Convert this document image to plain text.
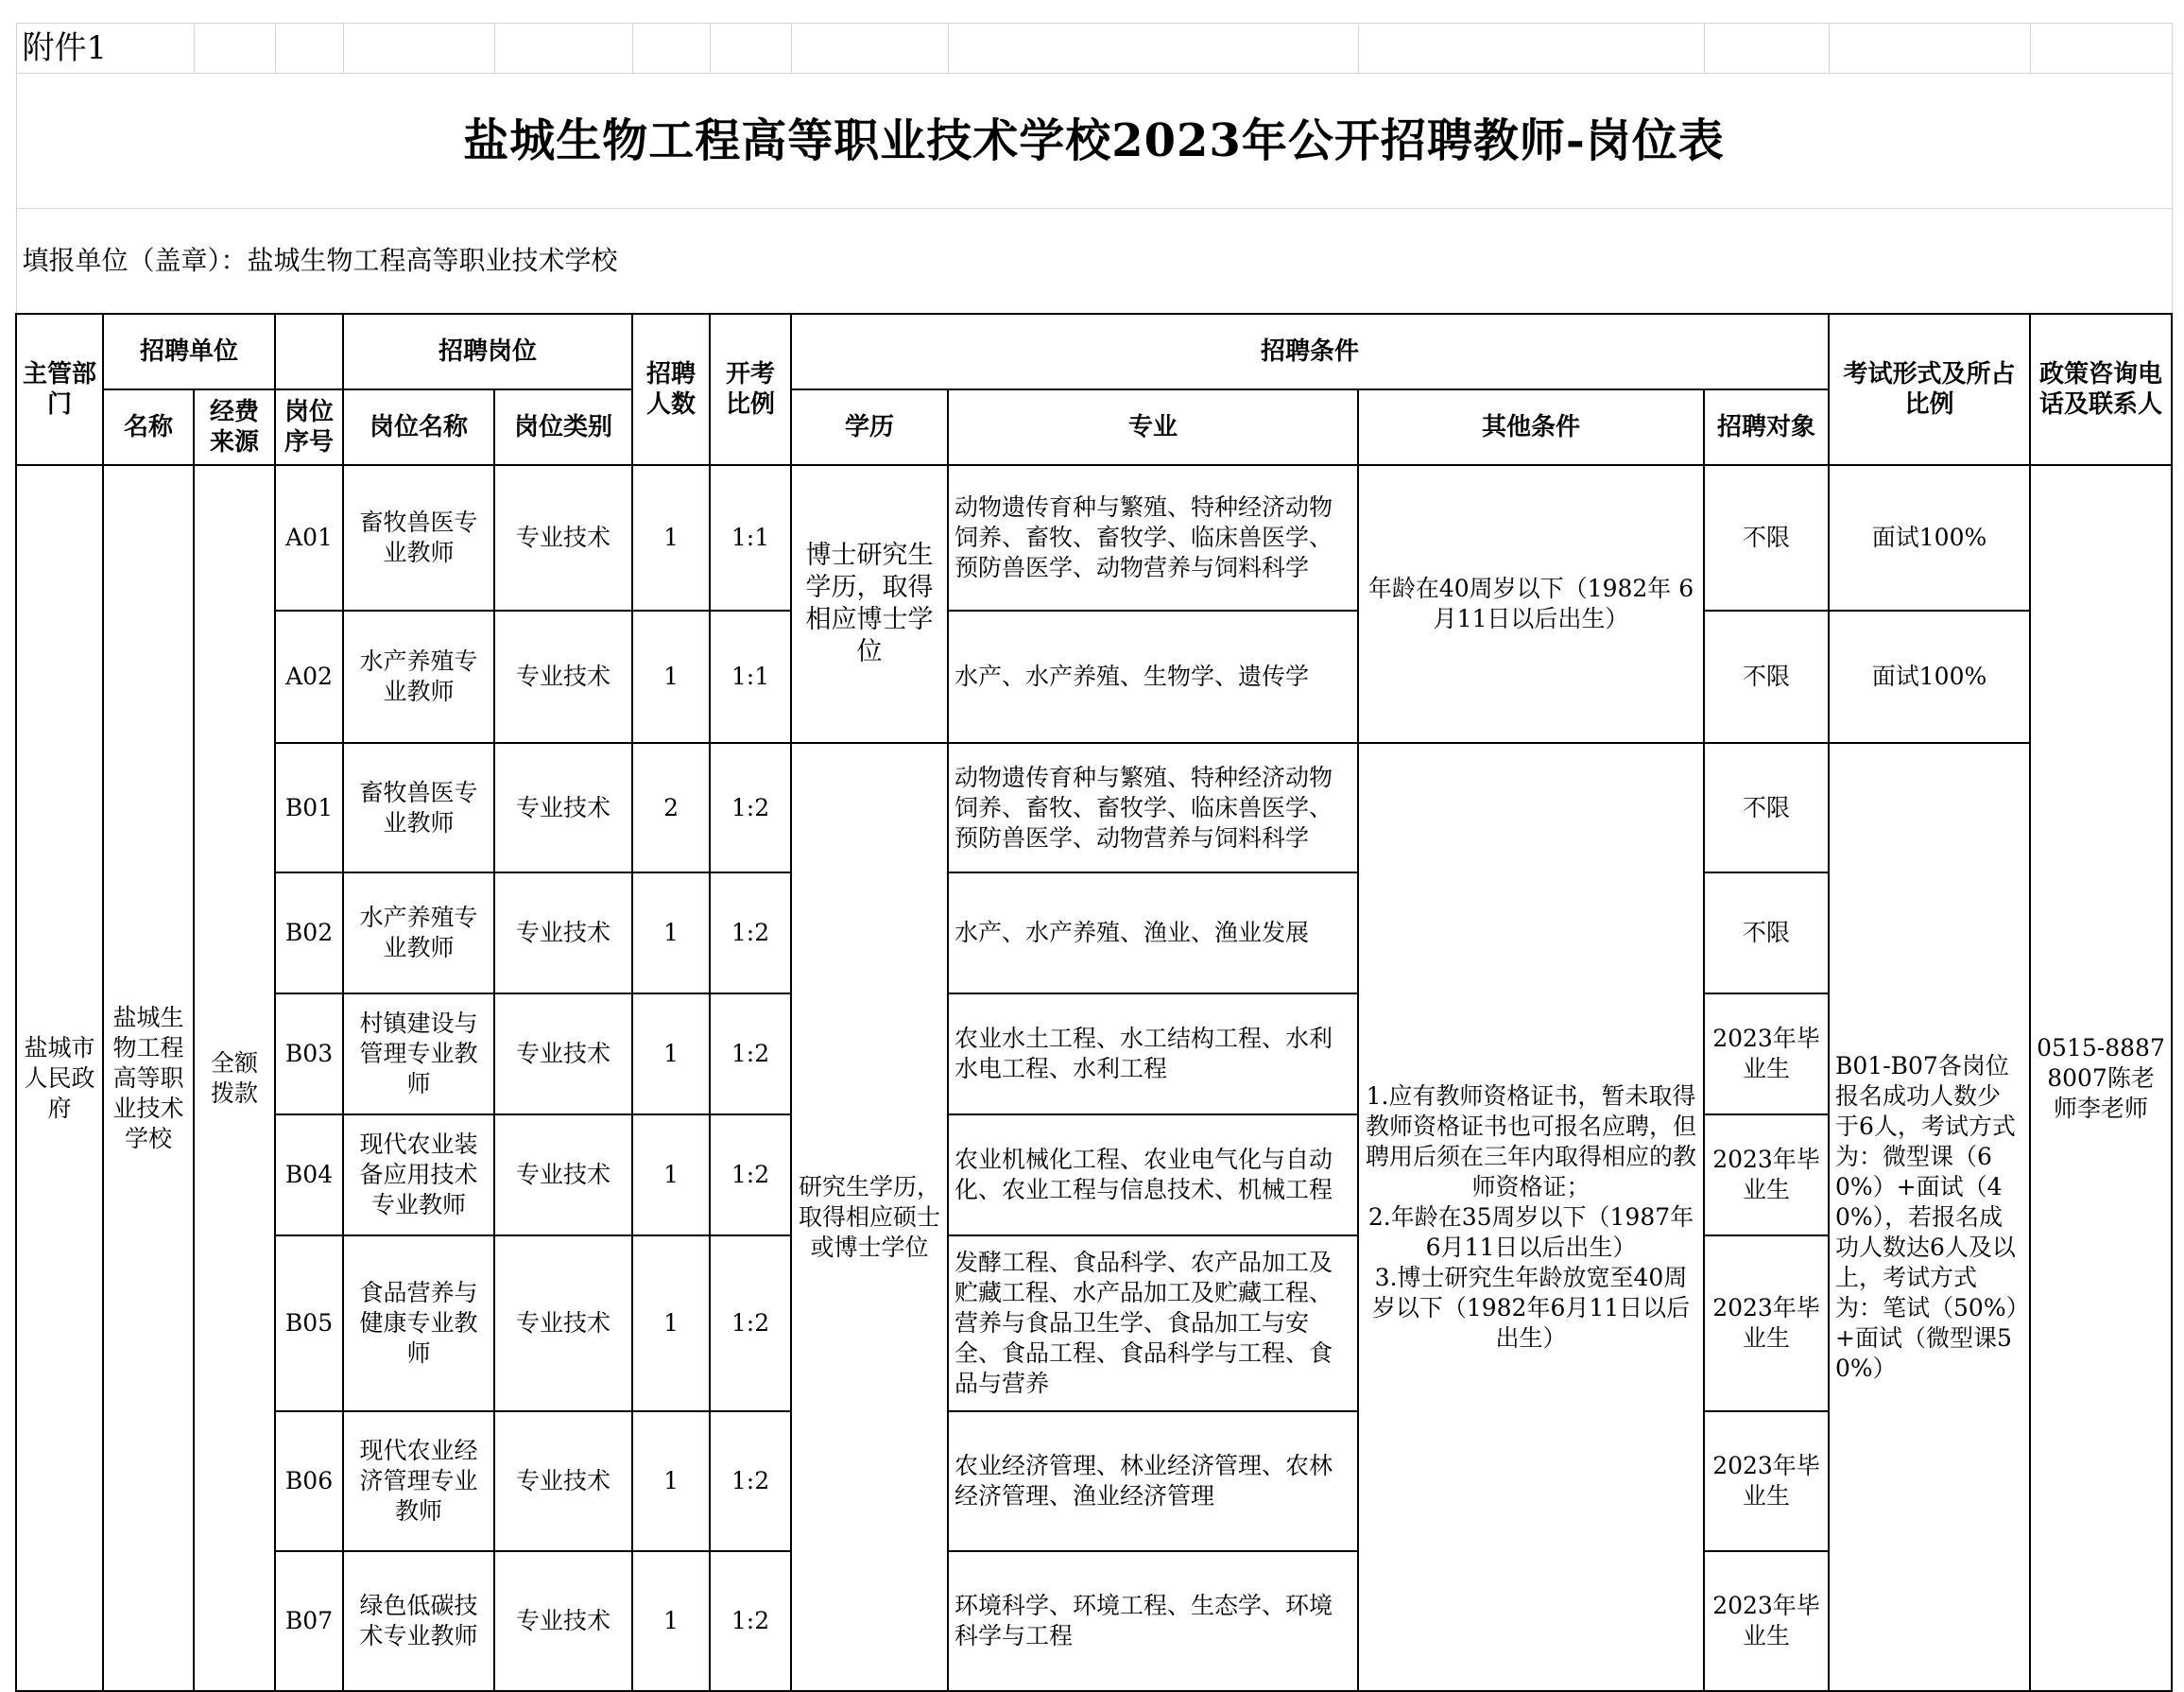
附件1													
盐城生物工程高等职业技术学校2023年公开招聘教师-岗位表													
填报单位（盖章）：盐城生物工程高等职业技术学校													
主管部门	招聘单位			招聘岗位		招聘人数	开考比例	招聘条件				考试形式及所占比例	政策咨询电话及联系人
	名称	经费来源	岗位序号	岗位名称	岗位类别			学历	专业	其他条件	招聘对象		
盐城市人民政府	盐城生物工程高等职业技术学校	全额拨款	A01	畜牧兽医专业教师	专业技术	1	1:1	博士研究生学历，取得相应博士学位	动物遗传育种与繁殖、特种经济动物饲养、畜牧、畜牧学、临床兽医学、预防兽医学、动物营养与饲料科学	年龄在40周岁以下（1982年 6月11日以后出生）	不限	面试100%	0515-88878007陈老师李老师
			A02	水产养殖专业教师	专业技术	1	1:1		水产、水产养殖、生物学、遗传学		不限	面试100%	
			B01	畜牧兽医专业教师	专业技术	2	1:2	研究生学历，取得相应硕士或博士学位	动物遗传育种与繁殖、特种经济动物饲养、畜牧、畜牧学、临床兽医学、预防兽医学、动物营养与饲料科学	1.应有教师资格证书，暂未取得教师资格证书也可报名应聘，但聘用后须在三年内取得相应的教师资格证；
2.年龄在35周岁以下（1987年6月11日以后出生）
3.博士研究生年龄放宽至40周岁以下（1982年6月11日以后出生）	不限	B01-B07各岗位报名成功人数少于6人，考试方式为：微型课（60%）+面试（40%），若报名成功人数达6人及以上，考试方式为：笔试（50%）+面试（微型课50%）	
			B02	水产养殖专业教师	专业技术	1	1:2		水产、水产养殖、渔业、渔业发展		不限		
			B03	村镇建设与管理专业教师	专业技术	1	1:2		农业水土工程、水工结构工程、水利水电工程、水利工程		2023年毕业生		
			B04	现代农业装备应用技术专业教师	专业技术	1	1:2		农业机械化工程、农业电气化与自动化、农业工程与信息技术、机械工程		2023年毕业生		
			B05	食品营养与健康专业教师	专业技术	1	1:2		发酵工程、食品科学、农产品加工及贮藏工程、水产品加工及贮藏工程、营养与食品卫生学、食品加工与安全、食品工程、食品科学与工程、食品与营养		2023年毕业生		
			B06	现代农业经济管理专业教师	专业技术	1	1:2		农业经济管理、林业经济管理、农林经济管理、渔业经济管理		2023年毕业生		
			B07	绿色低碳技术专业教师	专业技术	1	1:2		环境科学、环境工程、生态学、环境科学与工程		2023年毕业生		
